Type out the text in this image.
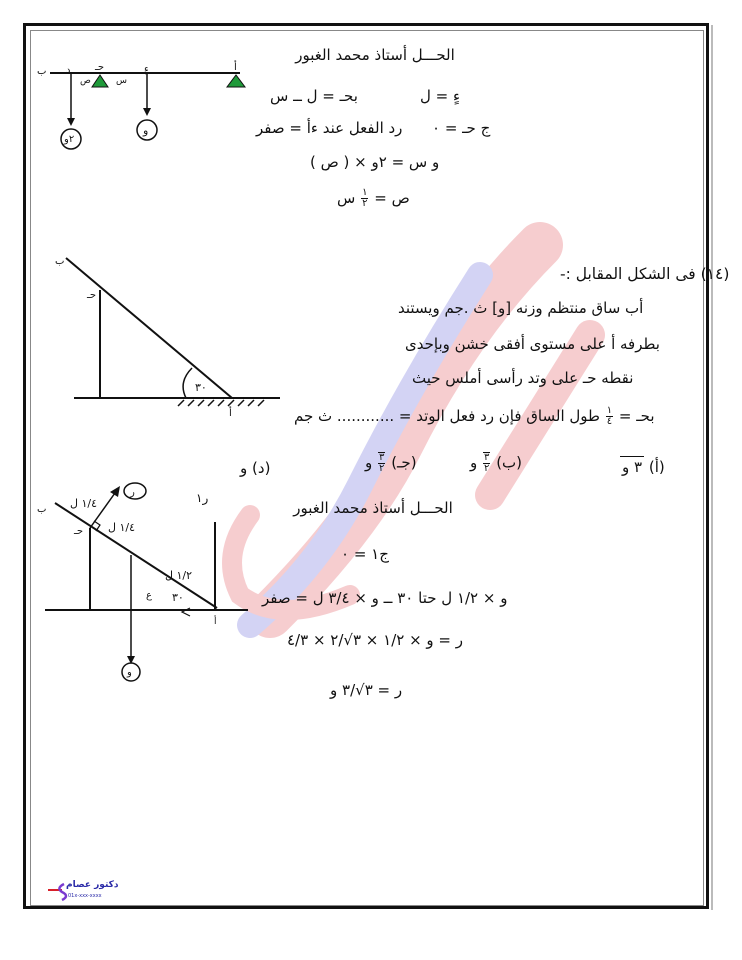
ب د حـ
س
ص
ءٍ	أ
و
٢و
الحـــل أستاذ محمد الغبور
ءٍ = ل
بحـ = ل ــ س
ج حـ = ٠
رد الفعل عند ءأ = صفر
و س = ٢و × ( ص )
ص =
$\frac{١}{٢}$
س
ب
حـ
٣٠
أ
(١٤) فى الشكل المقابل :-
أب ساق منتظم وزنه [و] ث .جم ويستند
بطرفه أ على مستوى أفقى خشن وبإحدى
نقطه حـ على وتد رأسى أملس حيث
بحـ =
$\frac{١}{٤}$
طول الساق فإن رد فعل الوتد = ............ ث جم
(أ) ٣ و
(ب)
$\frac{٣}{٢}$
و
(جـ)
$\frac{٣}{٢}$
و
(د) و
ب
حـ
١/٤ ل
١/٤ ل
١/٢ ل
ر	ر١
ع ٣٠
أ
و
الحـــل أستاذ محمد الغبور
ج١ = ٠
و × ١/٢ ل حتا ٣٠ ــ و × ٣/٤ ل = صفر
ر = و × ١/٢ × ٣√/٢ × ٤/٣
ر = ٣√/٣ و
دكتور عصام
01x-xxx-xxxx
